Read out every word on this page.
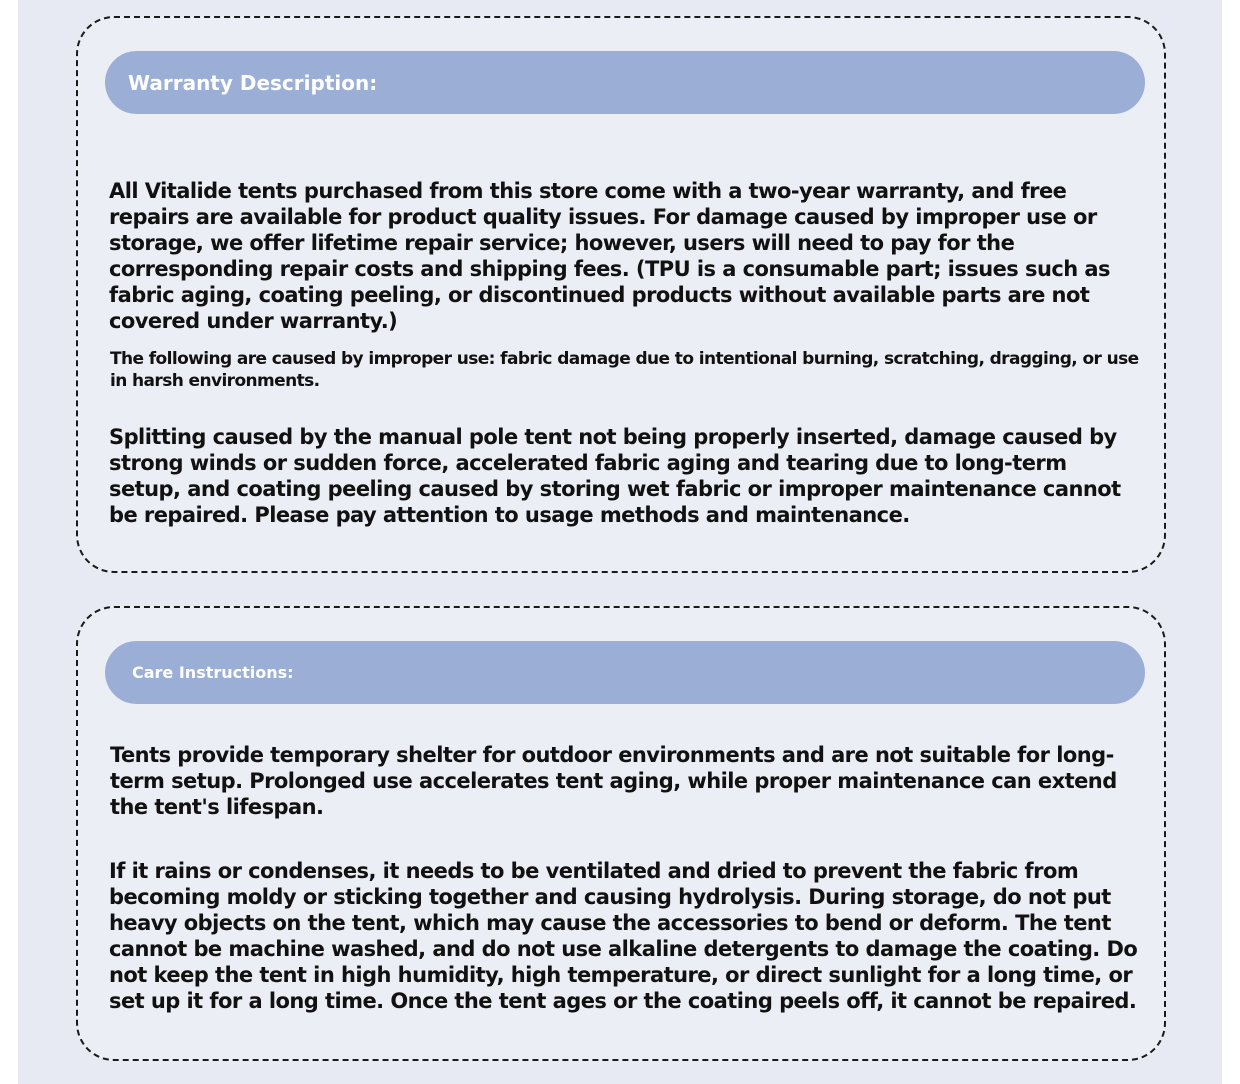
Warranty Description:

All Vitalide tents purchased from this store come with a two-year warranty, and free repairs are available for product quality issues. For damage caused by improper use or storage, we offer lifetime repair service; however, users will need to pay for the corresponding repair costs and shipping fees. (TPU is a consumable part; issues such as fabric aging, coating peeling, or discontinued products without available parts are not covered under warranty.)

The following are caused by improper use: fabric damage due to intentional burning, scratching, dragging, or use in harsh environments.

Splitting caused by the manual pole tent not being properly inserted, damage caused by strong winds or sudden force, accelerated fabric aging and tearing due to long-term setup, and coating peeling caused by storing wet fabric or improper maintenance cannot be repaired. Please pay attention to usage methods and maintenance.

Care Instructions:

Tents provide temporary shelter for outdoor environments and are not suitable for long-term setup. Prolonged use accelerates tent aging, while proper maintenance can extend the tent's lifespan.

If it rains or condenses, it needs to be ventilated and dried to prevent the fabric from becoming moldy or sticking together and causing hydrolysis. During storage, do not put heavy objects on the tent, which may cause the accessories to bend or deform. The tent cannot be machine washed, and do not use alkaline detergents to damage the coating. Do not keep the tent in high humidity, high temperature, or direct sunlight for a long time, or set up it for a long time. Once the tent ages or the coating peels off, it cannot be repaired.
